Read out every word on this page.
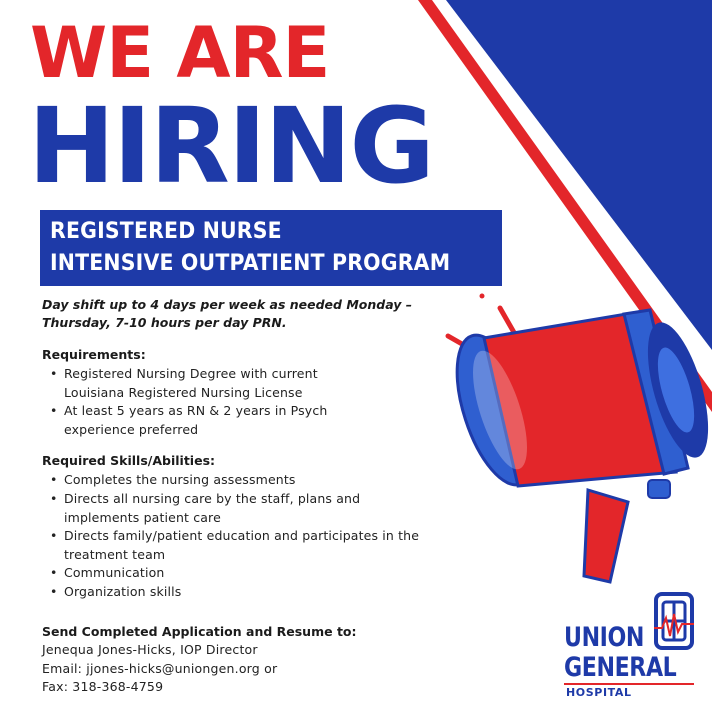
WE ARE
HIRING
REGISTERED NURSE
INTENSIVE OUTPATIENT PROGRAM
Day shift up to 4 days per week as needed Monday –
Thursday, 7-10 hours per day PRN.
Requirements:
• Registered Nursing Degree with current Louisiana Registered Nursing License
• At least 5 years as RN & 2 years in Psych experience preferred
Required Skills/Abilities:
• Completes the nursing assessments
• Directs all nursing care by the staff, plans and implements patient care
• Directs family/patient education and participates in the treatment team
• Communication
• Organization skills
Send Completed Application and Resume to:
Jenequa Jones-Hicks, IOP Director
Email: jjones-hicks@uniongen.org or
Fax: 318-368-4759
UNION
GENERAL
HOSPITAL
